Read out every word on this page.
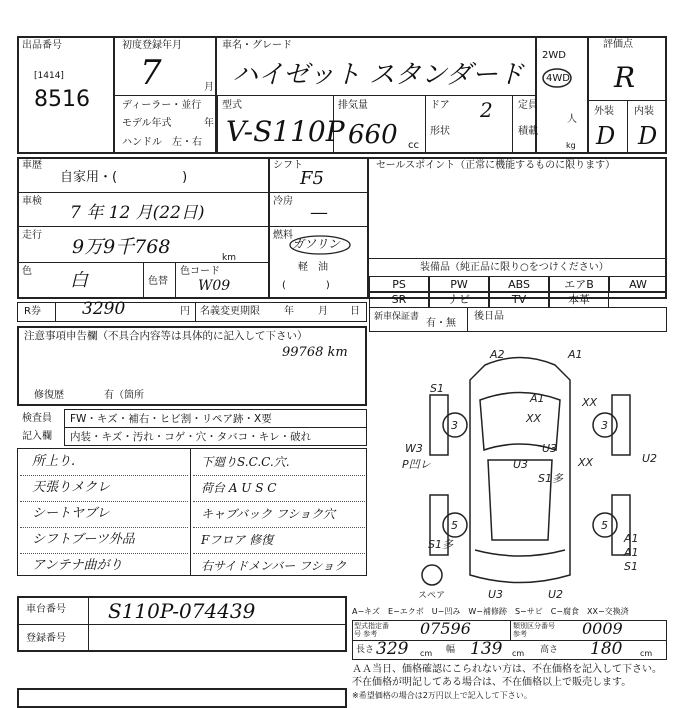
出品番号
[1414]
8516
初度登録年月
7	月
ディーラー・並行
モデル年式	年
ハンドル　左・右
車名・グレード
ハイゼット スタンダード
型式
V-S110P
2WD
4WD
排気量
660 cc
ドア 2
形状
定員
人
積載
kg
評価点
R
外装 内装
D D
車歴
自家用・(　　　　　)
車検
7 年 12 月(22日)
走行
9万9千768	km
色 白	色替
色コード
W09
シフト
F5
冷房
—
燃料
ガソリン
軽　油
(　　　　)
セールスポイント（正常に機能するものに限ります）
装備品（純正品に限り○をつけください）
PS	PW	ABS	エアB	AW
SR	ナビ	TV	本革
新車保証書
有・無
後日品
R券 3290	円 名義変更期限 年 月 日
注意事項申告欄（不具合内容等は具体的に記入して下さい）
99768 km
修復歴	有（箇所
検査員
記入欄
FW・キズ・補右・ヒビ割・リペア跡・X要
内装・キズ・汚れ・コゲ・穴・タバコ・キレ・破れ
所上り.
天張りメクレ
シートヤブレ
シフトブーツ外品
アンテナ曲がり
下廻りS.C.C.穴.
荷台 A U S C
キャブバック フショク穴
Fフロア 修復
右サイドメンバー フショク
A2	A1
S1
A1
XX
XX
3	3
W3
P凹レ	U3
U3
S1多
XX	U2
5	5
S1多	A1
A1
S1
スペア	U3	U2
車台番号 S110P-074439
登録番号
A−キズ　E−エクボ　U−凹み　W−補修跡　S−サビ　C−腐食　XX−交換済
型式指定番号 参考	07596	類別区分番号 参考	0009
長さ 329 cm 幅 139 cm 高さ 180 cm
ＡＡ当日、価格確認にこられない方は、不在価格を記入して下さい。
不在価格が明記してある場合は、不在価格以上で販売します。
※希望価格の場合は2万円以上で記入して下さい。
